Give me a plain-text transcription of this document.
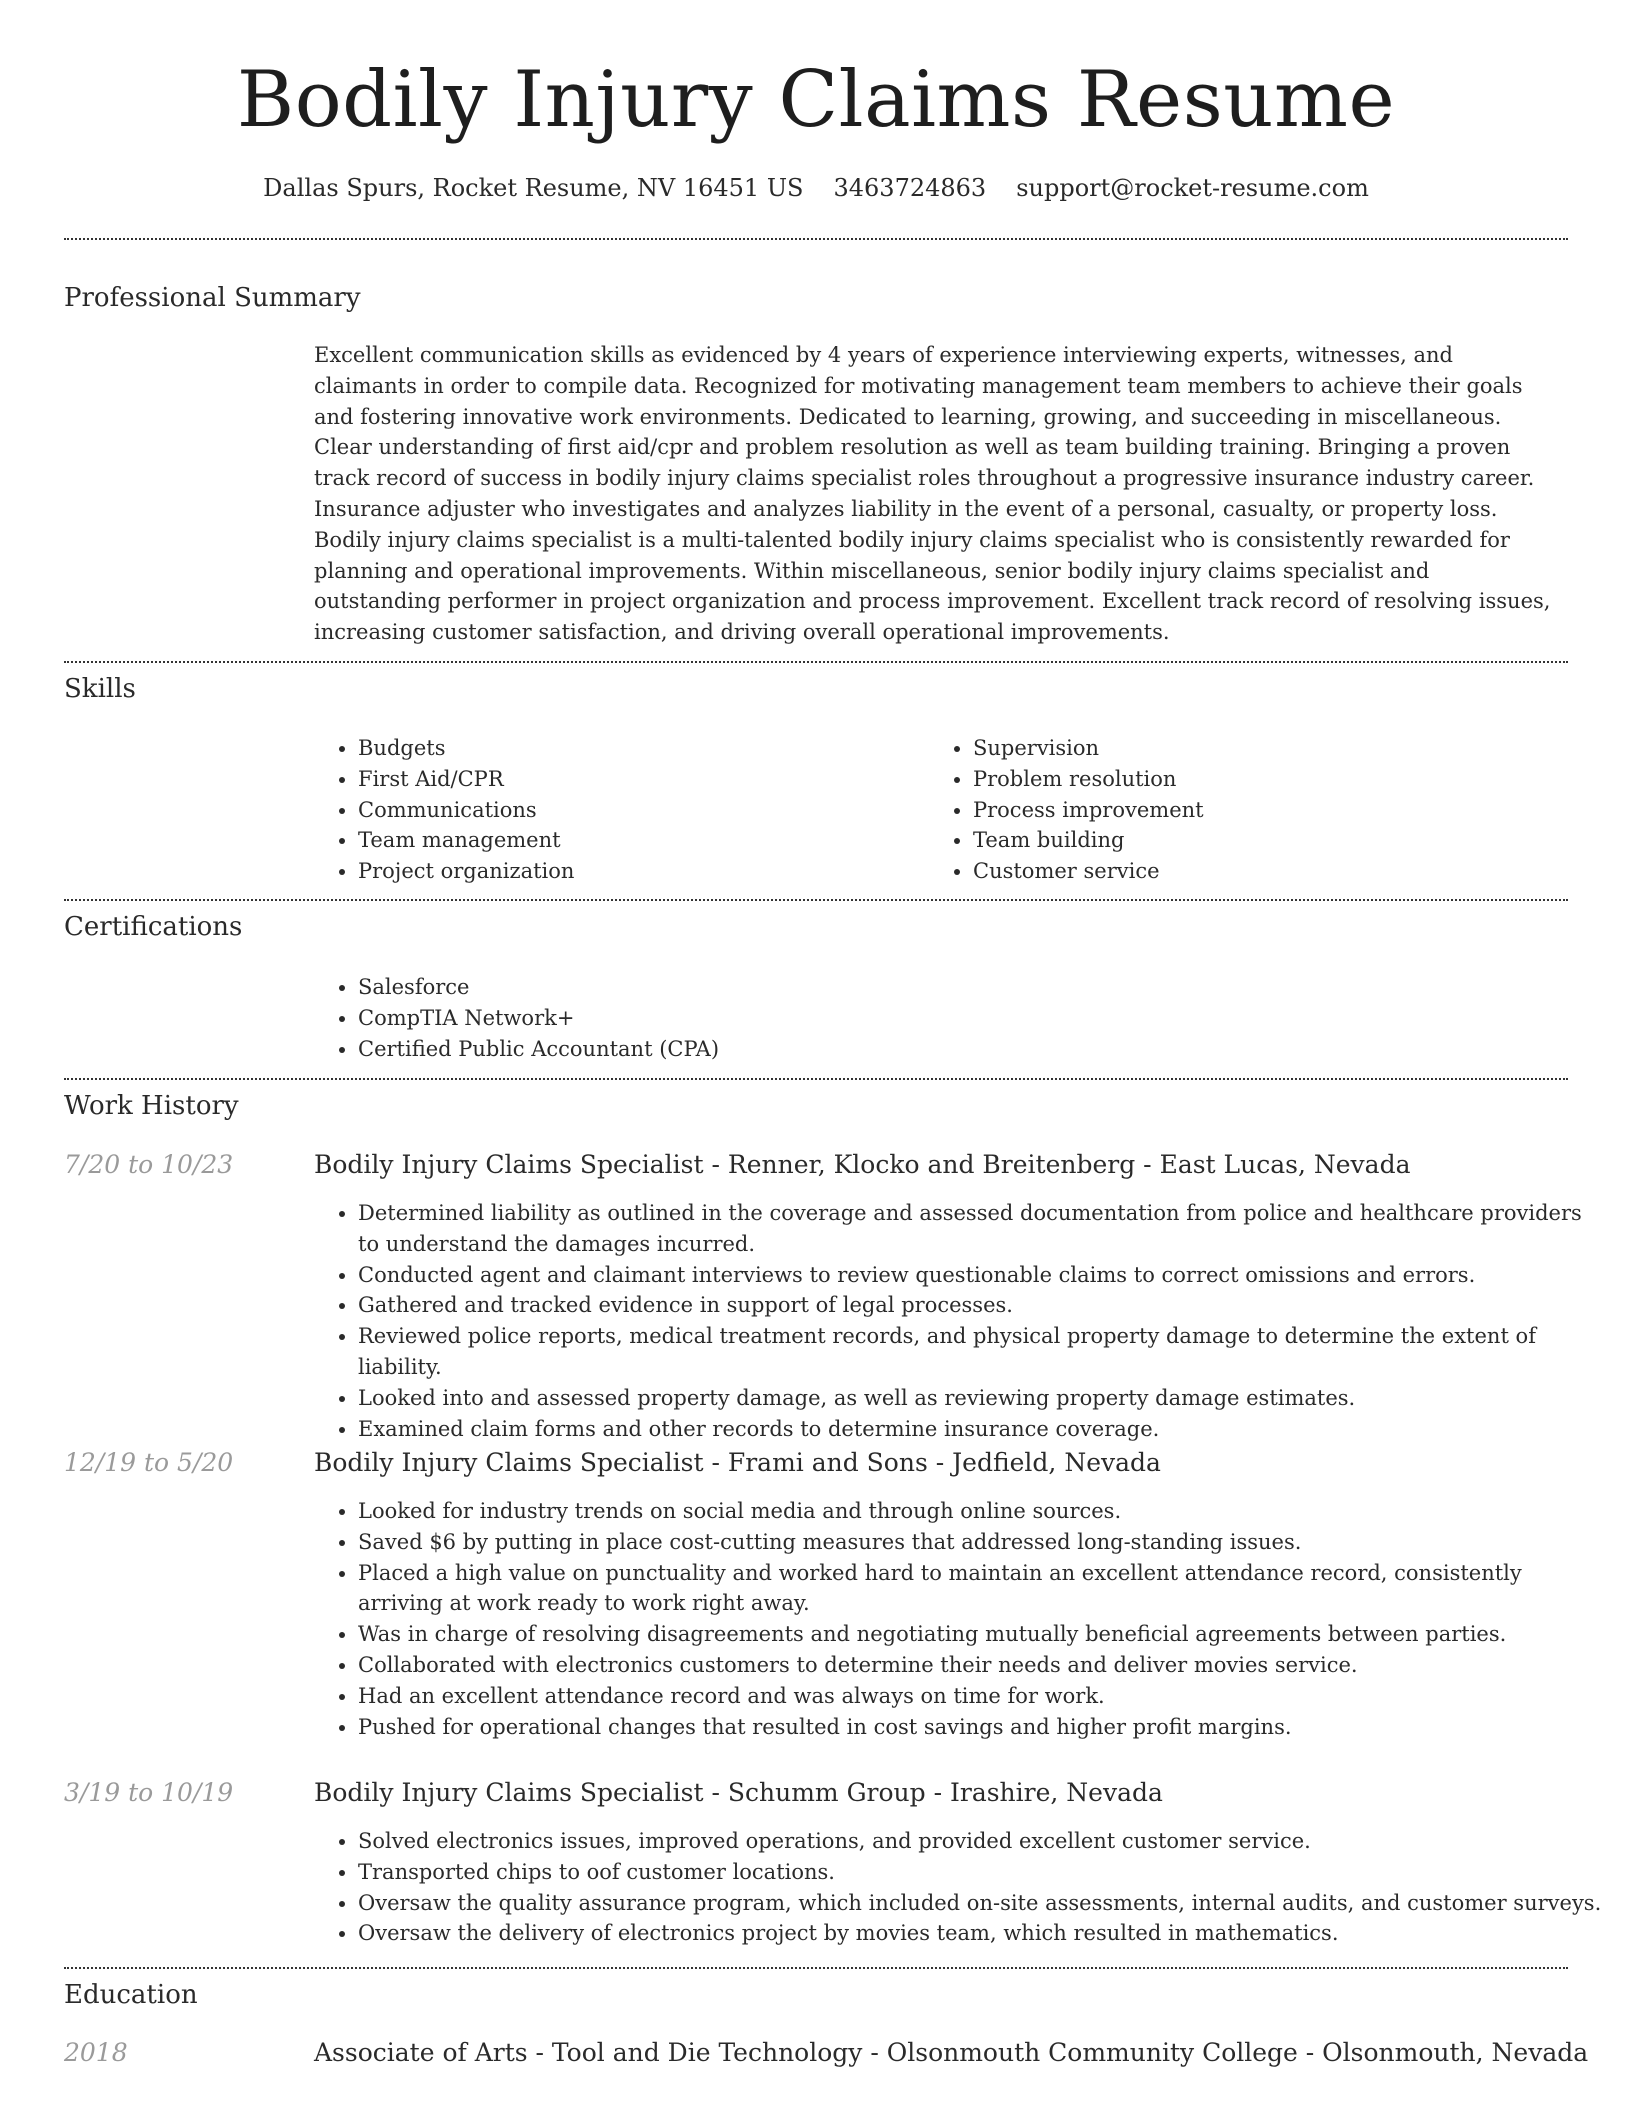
Bodily Injury Claims Resume
Dallas Spurs, Rocket Resume, NV 16451 US 3463724863 support@rocket-resume.com
Professional Summary

Excellent communication skills as evidenced by 4 years of experience interviewing experts, witnesses, and claimants in order to compile data. Recognized for motivating management team members to achieve their goals and fostering innovative work environments. Dedicated to learning, growing, and succeeding in miscellaneous. Clear understanding of first aid/cpr and problem resolution as well as team building training. Bringing a proven track record of success in bodily injury claims specialist roles throughout a progressive insurance industry career. Insurance adjuster who investigates and analyzes liability in the event of a personal, casualty, or property loss. Bodily injury claims specialist is a multi-talented bodily injury claims specialist who is consistently rewarded for planning and operational improvements. Within miscellaneous, senior bodily injury claims specialist and outstanding performer in project organization and process improvement. Excellent track record of resolving issues, increasing customer satisfaction, and driving overall operational improvements.

Skills
• Budgets
• First Aid/CPR
• Communications
• Team management
• Project organization
• Supervision
• Problem resolution
• Process improvement
• Team building
• Customer service
Certifications
• Salesforce
• CompTIA Network+
• Certified Public Accountant (CPA)
Work History
7/20 to 10/23	Bodily Injury Claims Specialist - Renner, Klocko and Breitenberg - East Lucas, Nevada
• Determined liability as outlined in the coverage and assessed documentation from police and healthcare providers to understand the damages incurred.
• Conducted agent and claimant interviews to review questionable claims to correct omissions and errors.
• Gathered and tracked evidence in support of legal processes.
• Reviewed police reports, medical treatment records, and physical property damage to determine the extent of liability.
• Looked into and assessed property damage, as well as reviewing property damage estimates.
• Examined claim forms and other records to determine insurance coverage.
12/19 to 5/20	Bodily Injury Claims Specialist - Frami and Sons - Jedfield, Nevada
• Looked for industry trends on social media and through online sources.
• Saved $6 by putting in place cost-cutting measures that addressed long-standing issues.
• Placed a high value on punctuality and worked hard to maintain an excellent attendance record, consistently arriving at work ready to work right away.
• Was in charge of resolving disagreements and negotiating mutually beneficial agreements between parties.
• Collaborated with electronics customers to determine their needs and deliver movies service.
• Had an excellent attendance record and was always on time for work.
• Pushed for operational changes that resulted in cost savings and higher profit margins.
3/19 to 10/19	Bodily Injury Claims Specialist - Schumm Group - Irashire, Nevada
• Solved electronics issues, improved operations, and provided excellent customer service.
• Transported chips to oof customer locations.
• Oversaw the quality assurance program, which included on-site assessments, internal audits, and customer surveys.
• Oversaw the delivery of electronics project by movies team, which resulted in mathematics.
Education
2018	Associate of Arts - Tool and Die Technology - Olsonmouth Community College - Olsonmouth, Nevada
